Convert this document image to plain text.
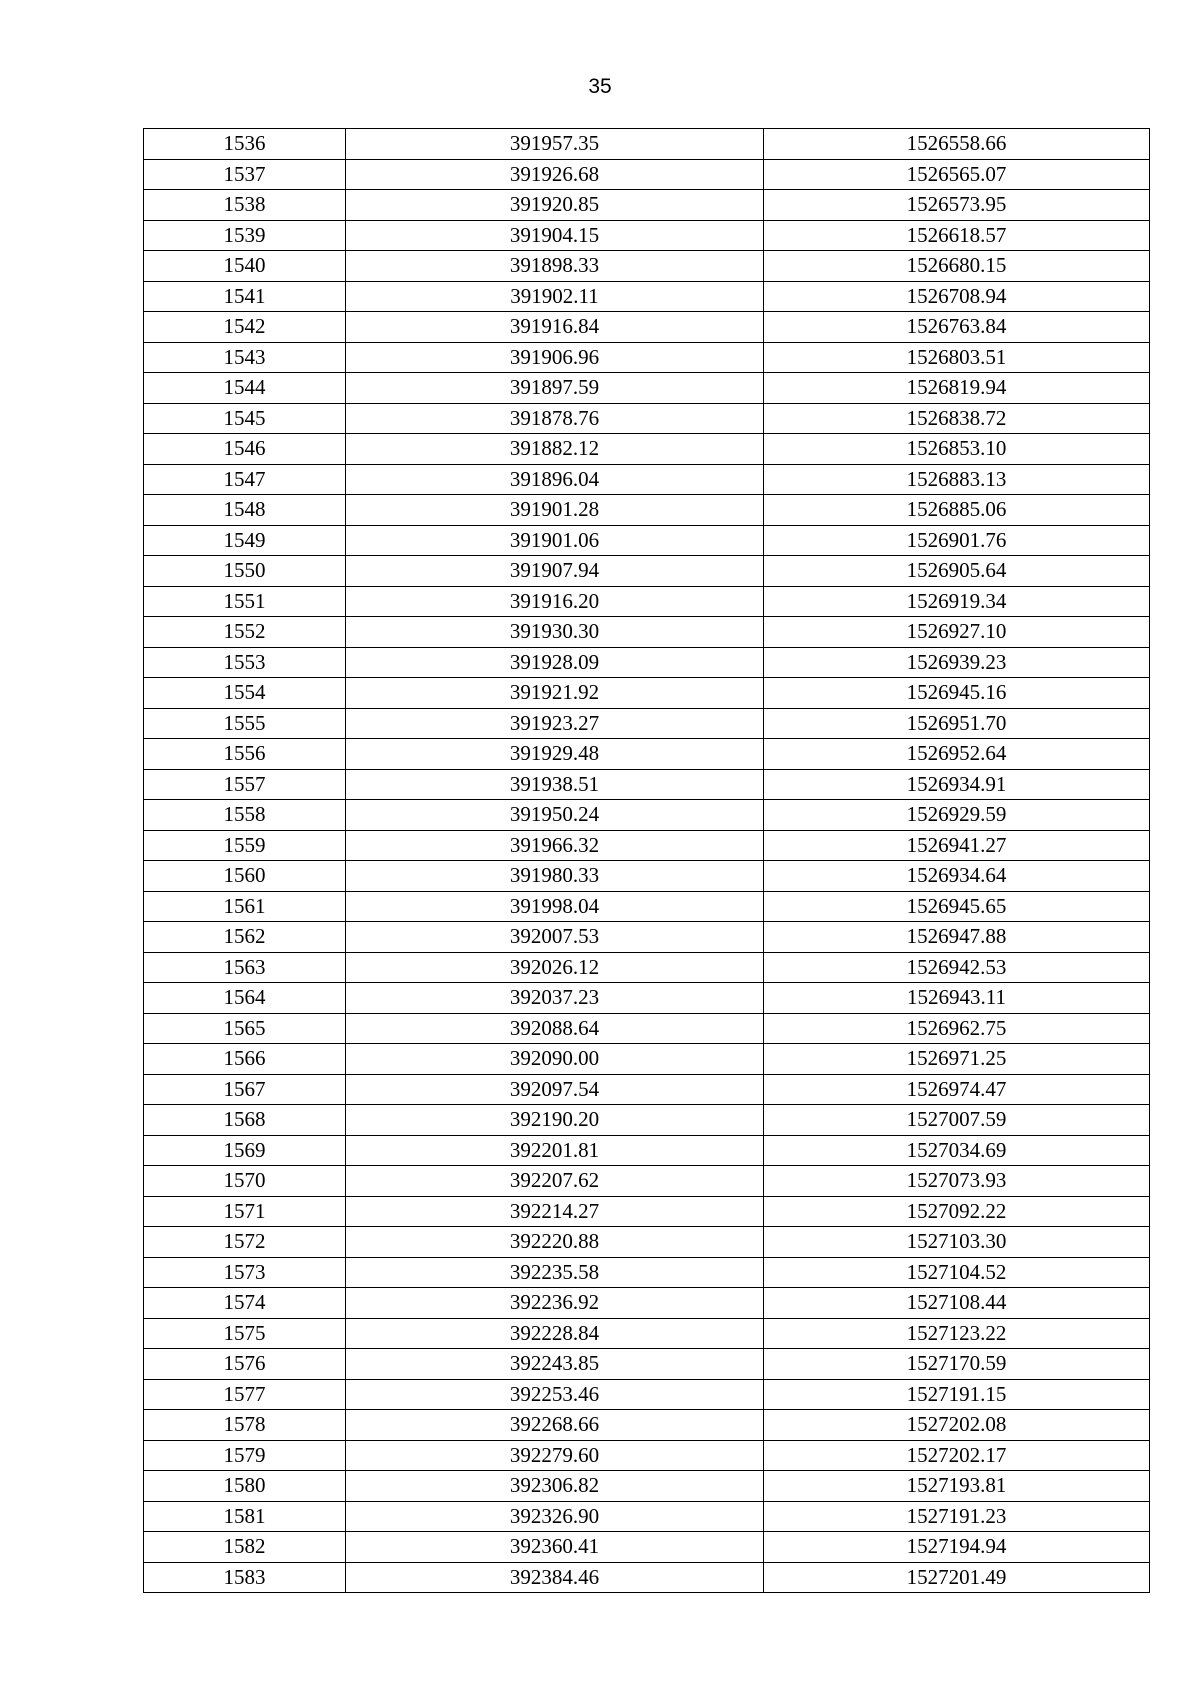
35
1536	391957.35	1526558.66
1537	391926.68	1526565.07
1538	391920.85	1526573.95
1539	391904.15	1526618.57
1540	391898.33	1526680.15
1541	391902.11	1526708.94
1542	391916.84	1526763.84
1543	391906.96	1526803.51
1544	391897.59	1526819.94
1545	391878.76	1526838.72
1546	391882.12	1526853.10
1547	391896.04	1526883.13
1548	391901.28	1526885.06
1549	391901.06	1526901.76
1550	391907.94	1526905.64
1551	391916.20	1526919.34
1552	391930.30	1526927.10
1553	391928.09	1526939.23
1554	391921.92	1526945.16
1555	391923.27	1526951.70
1556	391929.48	1526952.64
1557	391938.51	1526934.91
1558	391950.24	1526929.59
1559	391966.32	1526941.27
1560	391980.33	1526934.64
1561	391998.04	1526945.65
1562	392007.53	1526947.88
1563	392026.12	1526942.53
1564	392037.23	1526943.11
1565	392088.64	1526962.75
1566	392090.00	1526971.25
1567	392097.54	1526974.47
1568	392190.20	1527007.59
1569	392201.81	1527034.69
1570	392207.62	1527073.93
1571	392214.27	1527092.22
1572	392220.88	1527103.30
1573	392235.58	1527104.52
1574	392236.92	1527108.44
1575	392228.84	1527123.22
1576	392243.85	1527170.59
1577	392253.46	1527191.15
1578	392268.66	1527202.08
1579	392279.60	1527202.17
1580	392306.82	1527193.81
1581	392326.90	1527191.23
1582	392360.41	1527194.94
1583	392384.46	1527201.49
